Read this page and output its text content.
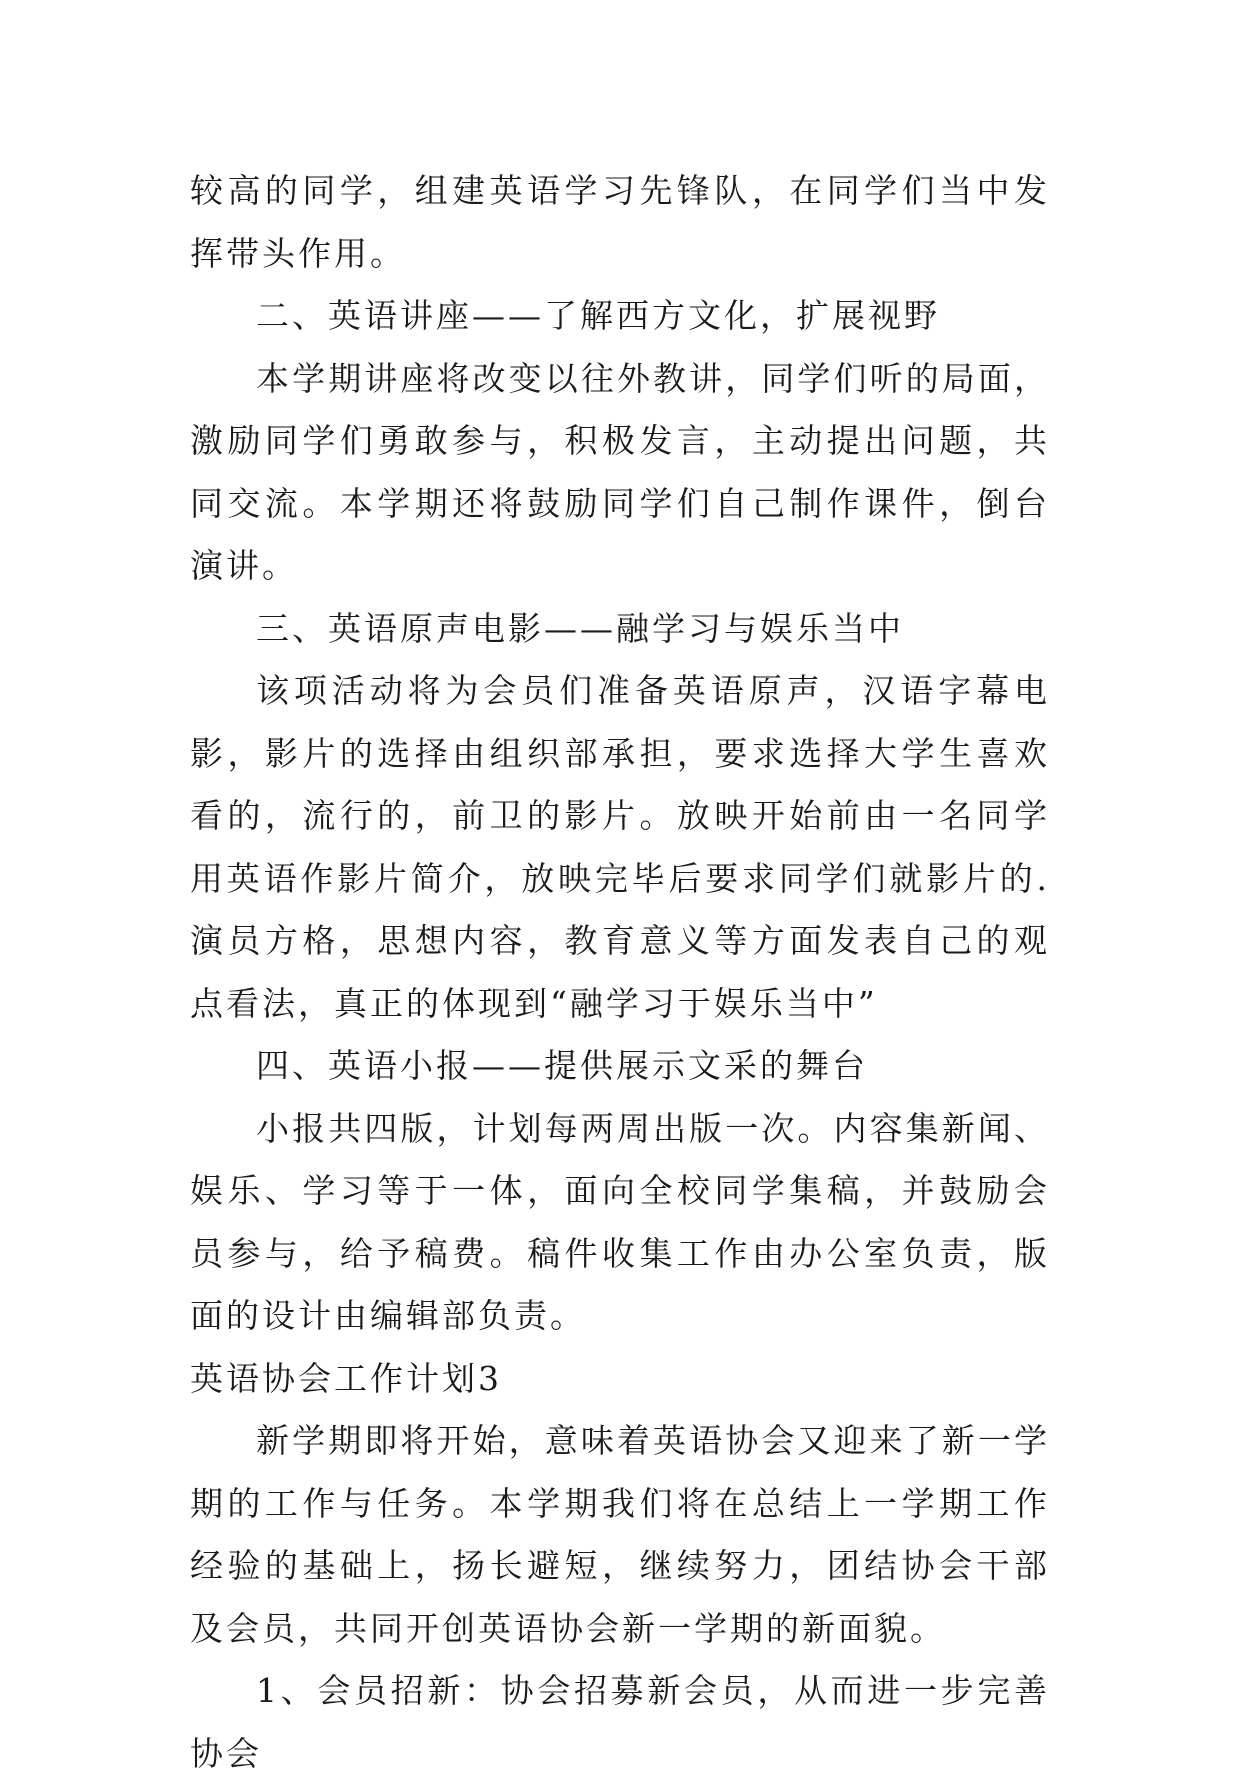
较高的同学，组建英语学习先锋队，在同学们当中发挥带头作用。

二、英语讲座——了解西方文化，扩展视野

本学期讲座将改变以往外教讲，同学们听的局面，激励同学们勇敢参与，积极发言，主动提出问题，共同交流。本学期还将鼓励同学们自己制作课件，倒台演讲。

三、英语原声电影——融学习与娱乐当中

该项活动将为会员们准备英语原声，汉语字幕电影，影片的选择由组织部承担，要求选择大学生喜欢看的，流行的，前卫的影片。放映开始前由一名同学用英语作影片简介，放映完毕后要求同学们就影片的.演员方格，思想内容，教育意义等方面发表自己的观点看法，真正的体现到“融学习于娱乐当中”

四、英语小报——提供展示文采的舞台

小报共四版，计划每两周出版一次。内容集新闻、娱乐、学习等于一体，面向全校同学集稿，并鼓励会员参与，给予稿费。稿件收集工作由办公室负责，版面的设计由编辑部负责。

英语协会工作计划3

新学期即将开始，意味着英语协会又迎来了新一学期的工作与任务。本学期我们将在总结上一学期工作经验的基础上，扬长避短，继续努力，团结协会干部及会员，共同开创英语协会新一学期的新面貌。

1、会员招新：协会招募新会员，从而进一步完善协会
